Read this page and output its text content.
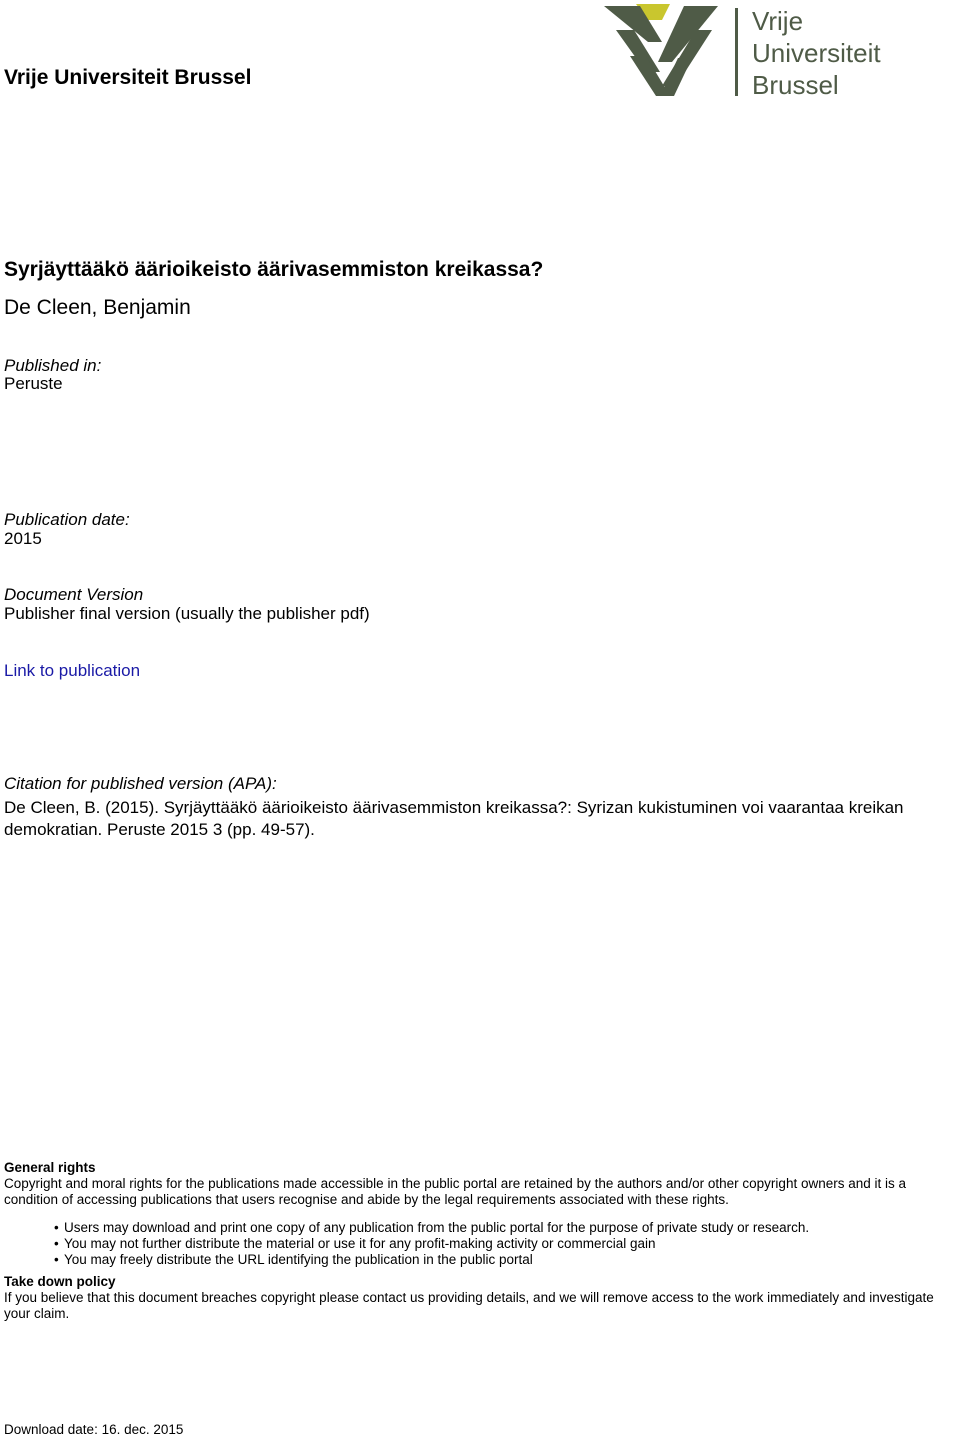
Vrije Universiteit Brussel
Vrije
Universiteit
Brussel
Syrjäyttääkö äärioikeisto äärivasemmiston kreikassa?
De Cleen, Benjamin
Published in:
Peruste
Publication date:
2015
Document Version
Publisher final version (usually the publisher pdf)
Link to publication
Citation for published version (APA):
De Cleen, B. (2015). Syrjäyttääkö äärioikeisto äärivasemmiston kreikassa?: Syrizan kukistuminen voi vaarantaa kreikan demokratian. Peruste 2015 3 (pp. 49-57).

General rights

Copyright and moral rights for the publications made accessible in the public portal are retained by the authors and/or other copyright owners and it is a condition of accessing publications that users recognise and abide by the legal requirements associated with these rights.

• Users may download and print one copy of any publication from the public portal for the purpose of private study or research.
• You may not further distribute the material or use it for any profit-making activity or commercial gain
• You may freely distribute the URL identifying the publication in the public portal

Take down policy

If you believe that this document breaches copyright please contact us providing details, and we will remove access to the work immediately and investigate your claim.

Download date: 16. dec. 2015
